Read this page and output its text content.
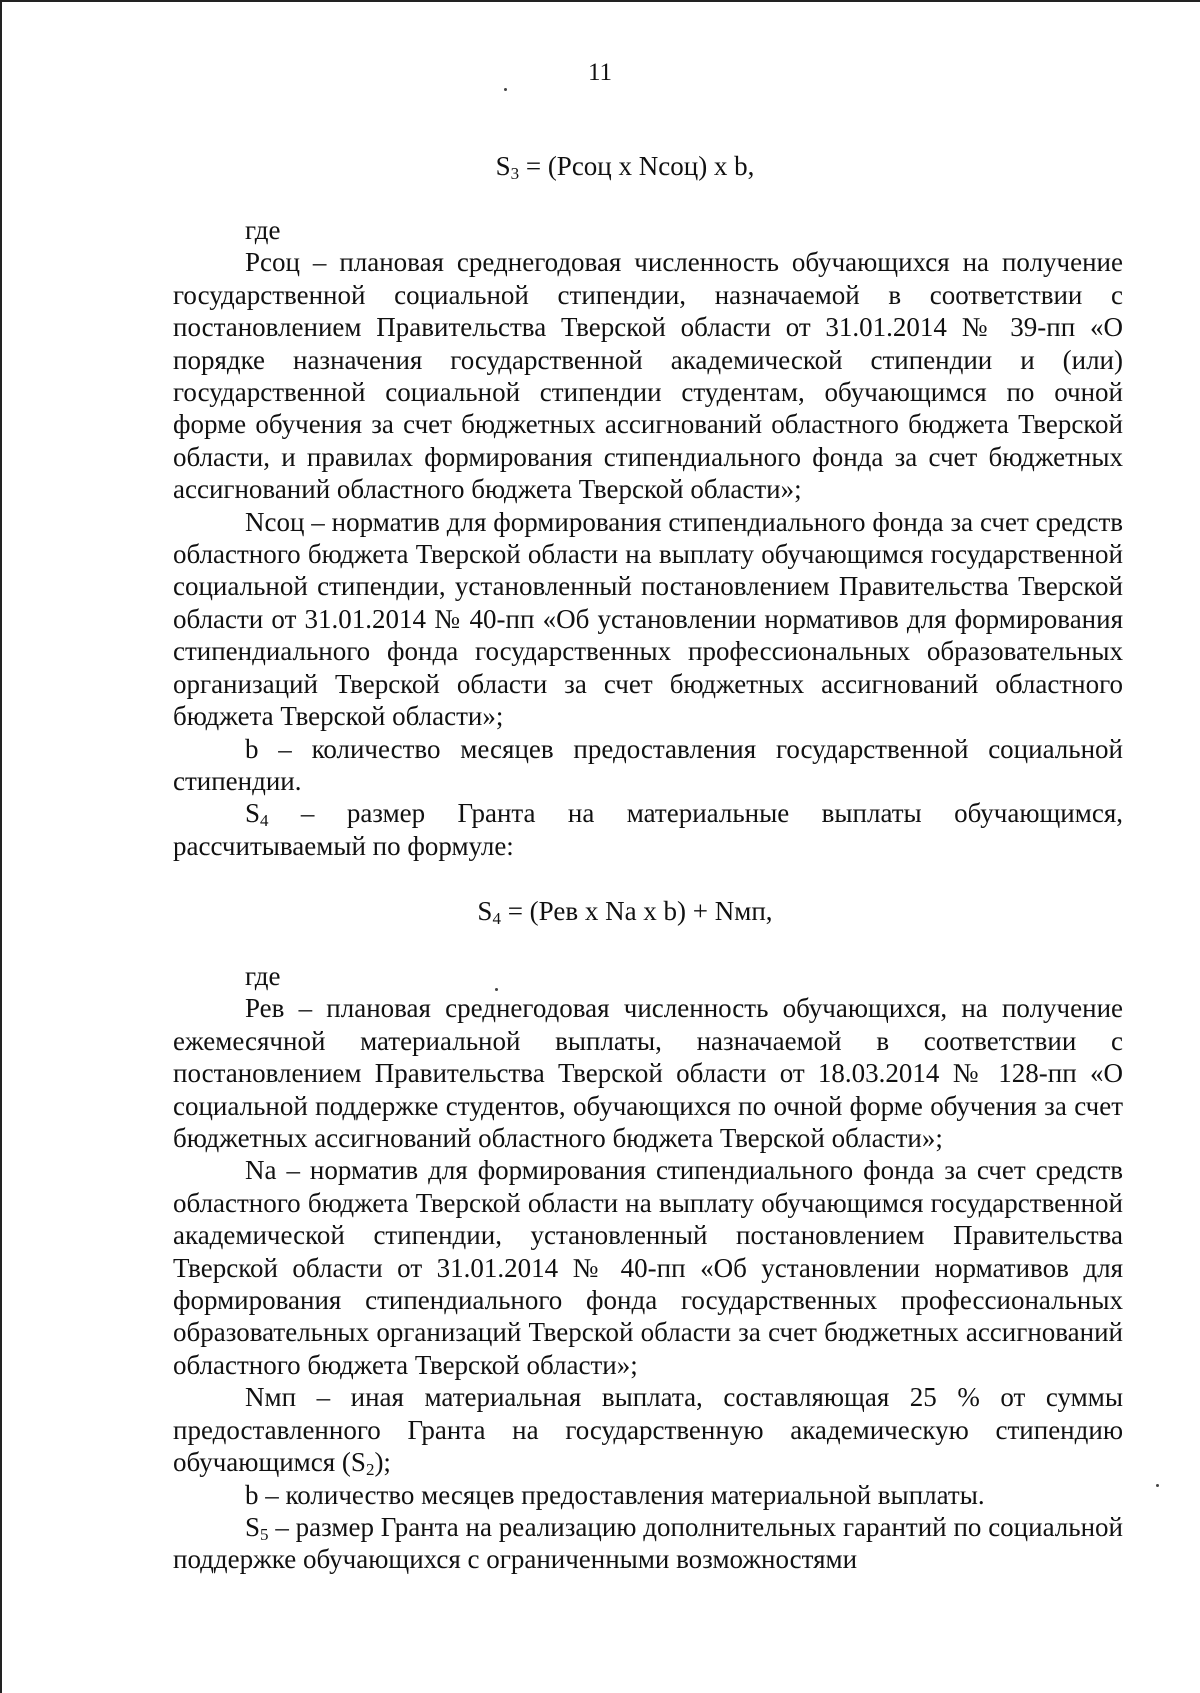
11
$S_3$ = (Рсоц х Nсоц) х b,

где

Рсоц – плановая среднегодовая численность обучающихся на получение государственной социальной стипендии, назначаемой в соответствии с постановлением Правительства Тверской области от 31.01.2014 № 39-пп «О порядке назначения государственной академической стипендии и (или) государственной социальной стипендии студентам, обучающимся по очной форме обучения за счет бюджетных ассигнований областного бюджета Тверской области, и правилах формирования стипендиального фонда за счет бюджетных ассигнований областного бюджета Тверской области»;

Nсоц – норматив для формирования стипендиального фонда за счет средств областного бюджета Тверской области на выплату обучающимся государственной социальной стипендии, установленный постановлением Правительства Тверской области от 31.01.2014 № 40-пп «Об установлении нормативов для формирования стипендиального фонда государственных профессиональных образовательных организаций Тверской области за счет бюджетных ассигнований областного бюджета Тверской области»;

b – количество месяцев предоставления государственной социальной стипендии.

$S_4$ – размер Гранта на материальные выплаты обучающимся, рассчитываемый по формуле:

$S_4 = (Рев$ х Nа х b) + Nмп,

где

Рев – плановая среднегодовая численность обучающихся, на получение ежемесячной материальной выплаты, назначаемой в соответствии с постановлением Правительства Тверской области от 18.03.2014 № 128-пп «О социальной поддержке студентов, обучающихся по очной форме обучения за счет бюджетных ассигнований областного бюджета Тверской области»;

Nа – норматив для формирования стипендиального фонда за счет средств областного бюджета Тверской области на выплату обучающимся государственной академической стипендии, установленный постановлением Правительства Тверской области от 31.01.2014 № 40-пп «Об установлении нормативов для формирования стипендиального фонда государственных профессиональных образовательных организаций Тверской области за счет бюджетных ассигнований областного бюджета Тверской области»;

Nмп – иная материальная выплата, составляющая 25 % от суммы предоставленного Гранта на государственную академическую стипендию обучающимся $(S_2)$;

b – количество месяцев предоставления материальной выплаты.

$S_5$ – размер Гранта на реализацию дополнительных гарантий по социальной поддержке обучающихся с ограниченными возможностями
